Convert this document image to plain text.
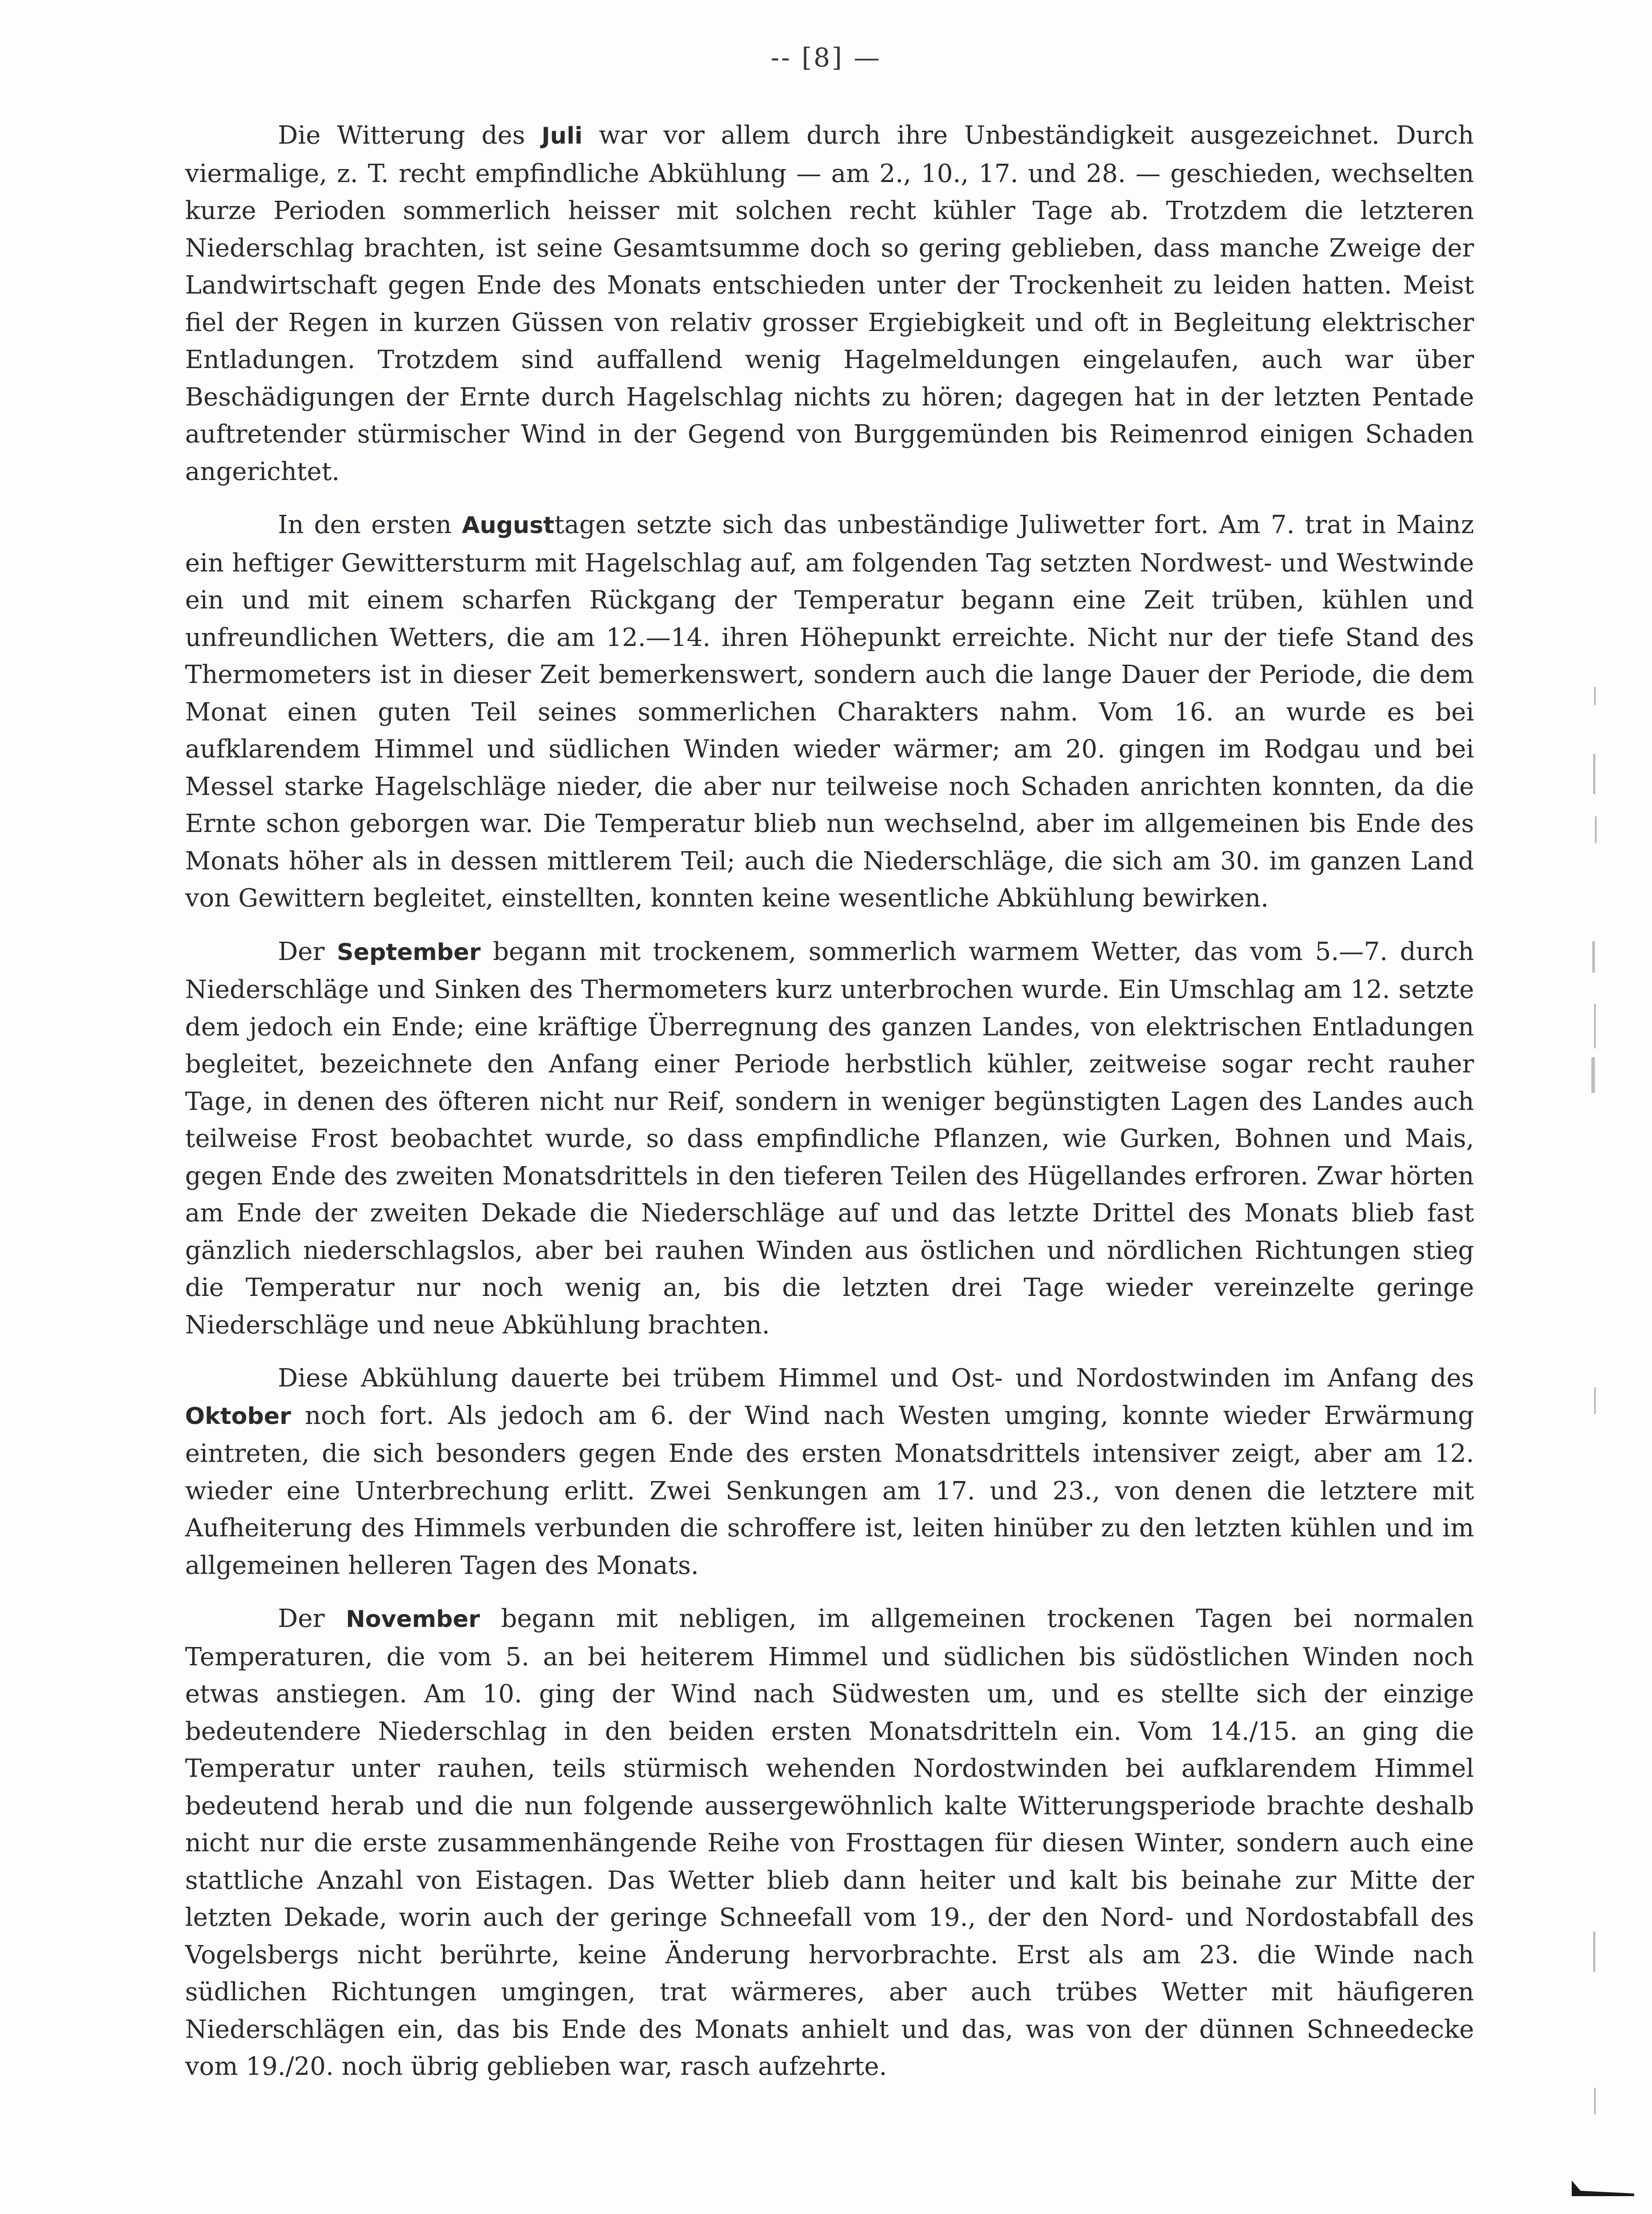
-- [8] —

Die Witterung des Juli war vor allem durch ihre Unbeständigkeit ausgezeichnet. Durch viermalige, z. T. recht empfindliche Abkühlung — am 2., 10., 17. und 28. — geschieden, wechselten kurze Perioden sommerlich heisser mit solchen recht kühler Tage ab. Trotzdem die letzteren Niederschlag brachten, ist seine Gesamtsumme doch so gering geblieben, dass manche Zweige der Landwirtschaft gegen Ende des Monats entschieden unter der Trockenheit zu leiden hatten. Meist fiel der Regen in kurzen Güssen von relativ grosser Ergiebigkeit und oft in Begleitung elektrischer Entladungen. Trotzdem sind auffallend wenig Hagelmeldungen eingelaufen, auch war über Beschädigungen der Ernte durch Hagelschlag nichts zu hören; dagegen hat in der letzten Pentade auftretender stürmischer Wind in der Gegend von Burggemünden bis Reimenrod einigen Schaden angerichtet.

In den ersten Augusttagen setzte sich das unbeständige Juliwetter fort. Am 7. trat in Mainz ein heftiger Gewittersturm mit Hagelschlag auf, am folgenden Tag setzten Nordwest- und Westwinde ein und mit einem scharfen Rückgang der Temperatur begann eine Zeit trüben, kühlen und unfreundlichen Wetters, die am 12.—14. ihren Höhepunkt erreichte. Nicht nur der tiefe Stand des Thermometers ist in dieser Zeit bemerkenswert, sondern auch die lange Dauer der Periode, die dem Monat einen guten Teil seines sommerlichen Charakters nahm. Vom 16. an wurde es bei aufklarendem Himmel und südlichen Winden wieder wärmer; am 20. gingen im Rodgau und bei Messel starke Hagelschläge nieder, die aber nur teilweise noch Schaden anrichten konnten, da die Ernte schon geborgen war. Die Temperatur blieb nun wechselnd, aber im allgemeinen bis Ende des Monats höher als in dessen mittlerem Teil; auch die Niederschläge, die sich am 30. im ganzen Land von Gewittern begleitet, einstellten, konnten keine wesentliche Abkühlung bewirken.

Der September begann mit trockenem, sommerlich warmem Wetter, das vom 5.—7. durch Niederschläge und Sinken des Thermometers kurz unterbrochen wurde. Ein Umschlag am 12. setzte dem jedoch ein Ende; eine kräftige Überregnung des ganzen Landes, von elektrischen Entladungen begleitet, bezeichnete den Anfang einer Periode herbstlich kühler, zeitweise sogar recht rauher Tage, in denen des öfteren nicht nur Reif, sondern in weniger begünstigten Lagen des Landes auch teilweise Frost beobachtet wurde, so dass empfindliche Pflanzen, wie Gurken, Bohnen und Mais, gegen Ende des zweiten Monatsdrittels in den tieferen Teilen des Hügellandes erfroren. Zwar hörten am Ende der zweiten Dekade die Niederschläge auf und das letzte Drittel des Monats blieb fast gänzlich niederschlagslos, aber bei rauhen Winden aus östlichen und nördlichen Richtungen stieg die Temperatur nur noch wenig an, bis die letzten drei Tage wieder vereinzelte geringe Niederschläge und neue Abkühlung brachten.

Diese Abkühlung dauerte bei trübem Himmel und Ost- und Nordostwinden im Anfang des Oktober noch fort. Als jedoch am 6. der Wind nach Westen umging, konnte wieder Erwärmung eintreten, die sich besonders gegen Ende des ersten Monatsdrittels intensiver zeigt, aber am 12. wieder eine Unterbrechung erlitt. Zwei Senkungen am 17. und 23., von denen die letztere mit Aufheiterung des Himmels verbunden die schroffere ist, leiten hinüber zu den letzten kühlen und im allgemeinen helleren Tagen des Monats.

Der November begann mit nebligen, im allgemeinen trockenen Tagen bei normalen Temperaturen, die vom 5. an bei heiterem Himmel und südlichen bis südöstlichen Winden noch etwas anstiegen. Am 10. ging der Wind nach Südwesten um, und es stellte sich der einzige bedeutendere Niederschlag in den beiden ersten Monatsdritteln ein. Vom 14./15. an ging die Temperatur unter rauhen, teils stürmisch wehenden Nordostwinden bei aufklarendem Himmel bedeutend herab und die nun folgende aussergewöhnlich kalte Witterungsperiode brachte deshalb nicht nur die erste zusammenhängende Reihe von Frosttagen für diesen Winter, sondern auch eine stattliche Anzahl von Eistagen. Das Wetter blieb dann heiter und kalt bis beinahe zur Mitte der letzten Dekade, worin auch der geringe Schneefall vom 19., der den Nord- und Nordostabfall des Vogelsbergs nicht berührte, keine Änderung hervorbrachte. Erst als am 23. die Winde nach südlichen Richtungen umgingen, trat wärmeres, aber auch trübes Wetter mit häufigeren Niederschlägen ein, das bis Ende des Monats anhielt und das, was von der dünnen Schneedecke vom 19./20. noch übrig geblieben war, rasch aufzehrte.
